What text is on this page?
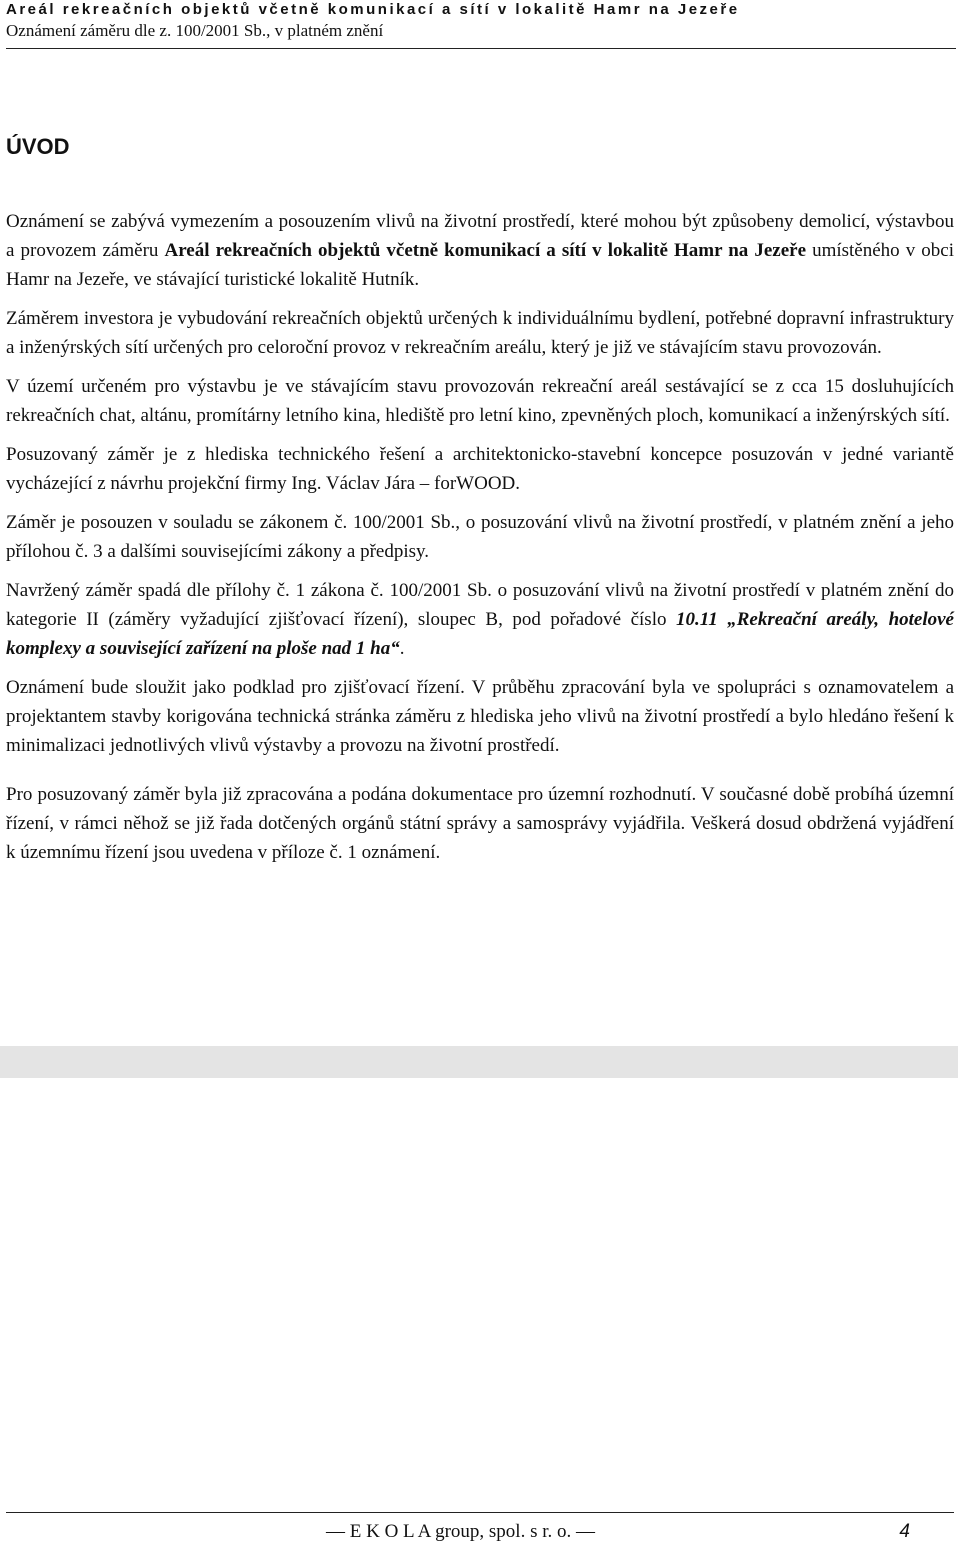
Areál rekreačních objektů včetně komunikací a sítí v lokalitě Hamr na Jezeře
Oznámení záměru dle z. 100/2001 Sb., v platném znění
ÚVOD

Oznámení se zabývá vymezením a posouzením vlivů na životní prostředí, které mohou být způsobeny demolicí, výstavbou a provozem záměru Areál rekreačních objektů včetně komunikací a sítí v lokalitě Hamr na Jezeře umístěného v obci Hamr na Jezeře, ve stávající turistické lokalitě Hutník.

Záměrem investora je vybudování rekreačních objektů určených k individuálnímu bydlení, potřebné dopravní infrastruktury a inženýrských sítí určených pro celoroční provoz v rekreačním areálu, který je již ve stávajícím stavu provozován.

V území určeném pro výstavbu je ve stávajícím stavu provozován rekreační areál sestávající se z cca 15 dosluhujících rekreačních chat, altánu, promítárny letního kina, hlediště pro letní kino, zpevněných ploch, komunikací a inženýrských sítí.

Posuzovaný záměr je z hlediska technického řešení a architektonicko-stavební koncepce posuzován v jedné variantě vycházející z návrhu projekční firmy Ing. Václav Jára – forWOOD.

Záměr je posouzen v souladu se zákonem č. 100/2001 Sb., o posuzování vlivů na životní prostředí, v platném znění a jeho přílohou č. 3 a dalšími souvisejícími zákony a předpisy.

Navržený záměr spadá dle přílohy č. 1 zákona č. 100/2001 Sb. o posuzování vlivů na životní prostředí v platném znění do kategorie II (záměry vyžadující zjišťovací řízení), sloupec B, pod pořadové číslo 10.11 „Rekreační areály, hotelové komplexy a související zařízení na ploše nad 1 ha“.

Oznámení bude sloužit jako podklad pro zjišťovací řízení. V průběhu zpracování byla ve spolupráci s oznamovatelem a projektantem stavby korigována technická stránka záměru z hlediska jeho vlivů na životní prostředí a bylo hledáno řešení k minimalizaci jednotlivých vlivů výstavby a provozu na životní prostředí.

Pro posuzovaný záměr byla již zpracována a podána dokumentace pro územní rozhodnutí. V současné době probíhá územní řízení, v rámci něhož se již řada dotčených orgánů státní správy a samosprávy vyjádřila. Veškerá dosud obdržená vyjádření k územnímu řízení jsou uvedena v příloze č. 1 oznámení.

— E K O L A group, spol. s r. o. —	4
